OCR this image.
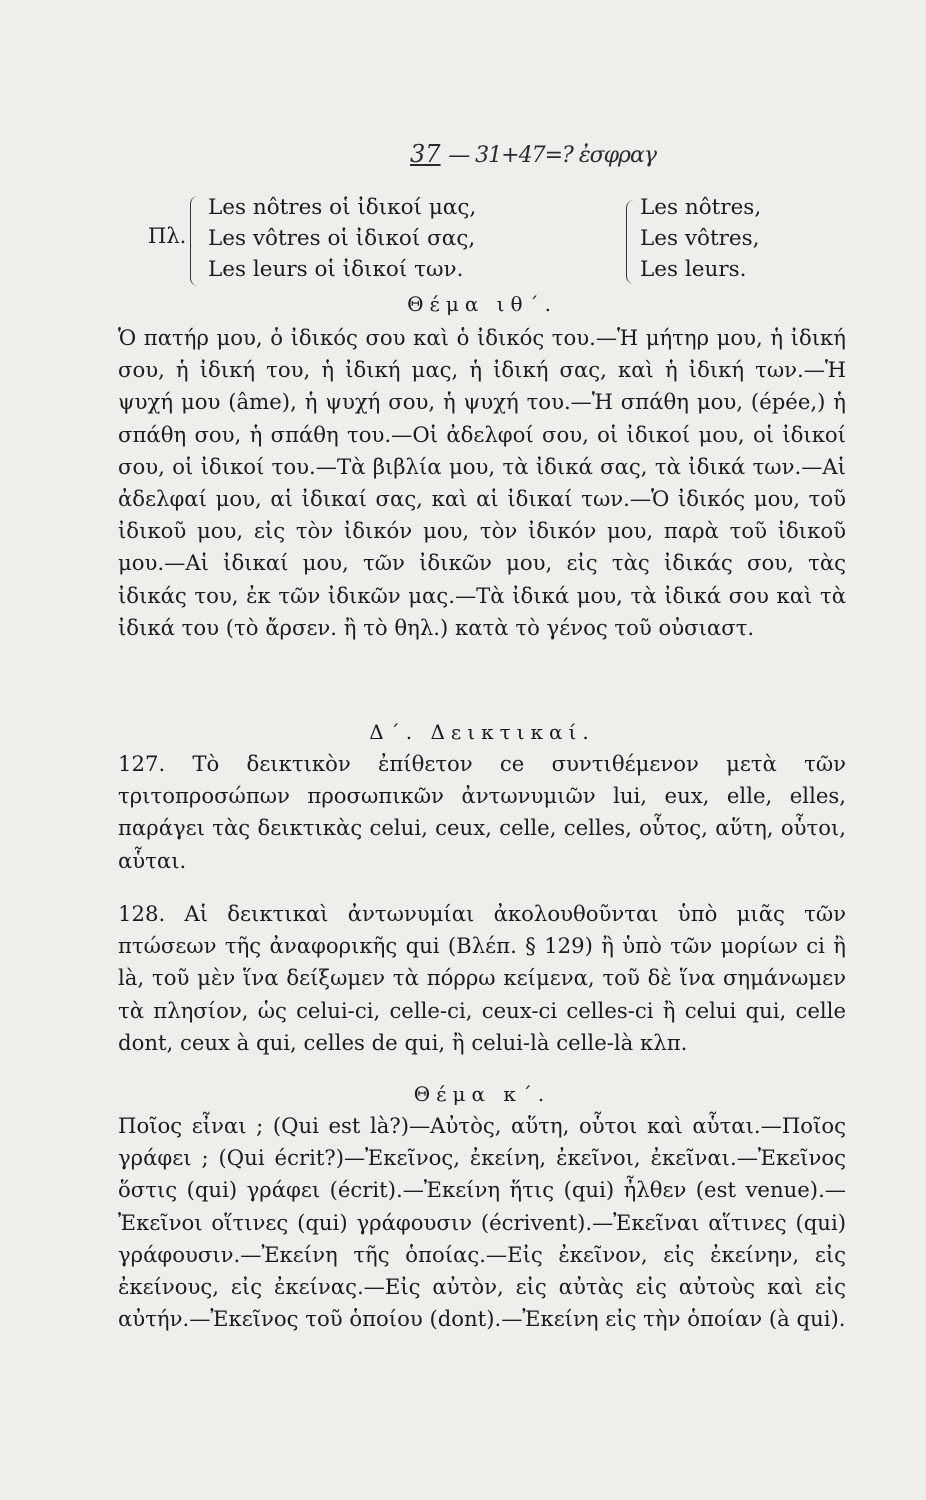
37 — 31+47=? ἐσφραγ
Πλ.
Les nôtres οἱ ἰδικοί μας,
Les vôtres οἱ ἰδικοί σας,
Les leurs οἱ ἰδικοί των.
Les nôtres,
Les vôtres,
Les leurs.
Θέμα ιθ΄.

Ὁ πατήρ μου, ὁ ἰδικός σου καὶ ὁ ἰδικός του.—Ἡ μήτηρ μου, ἡ ἰδική σου, ἡ ἰδική του, ἡ ἰδική μας, ἡ ἰδική σας, καὶ ἡ ἰδική των.—Ἡ ψυχή μου (âme), ἡ ψυχή σου, ἡ ψυχή του.—Ἡ σπάθη μου, (épée,) ἡ σπάθη σου, ἡ σπάθη του.—Οἱ ἀδελφοί σου, οἱ ἰδικοί μου, οἱ ἰδικοί σου, οἱ ἰδικοί του.—Τὰ βιβλία μου, τὰ ἰδικά σας, τὰ ἰδικά των.—Αἱ ἀδελφαί μου, αἱ ἰδικαί σας, καὶ αἱ ἰδικαί των.—Ὁ ἰδικός μου, τοῦ ἰδικοῦ μου, εἰς τὸν ἰδικόν μου, τὸν ἰδικόν μου, παρὰ τοῦ ἰδικοῦ μου.—Αἱ ἰδικαί μου, τῶν ἰδικῶν μου, εἰς τὰς ἰδικάς σου, τὰς ἰδικάς του, ἐκ τῶν ἰδικῶν μας.—Τὰ ἰδικά μου, τὰ ἰδικά σου καὶ τὰ ἰδικά του (τὸ ἄρσεν. ἢ τὸ θηλ.) κατὰ τὸ γένος τοῦ οὐσιαστ.

Δ΄. Δεικτικαί.

127. Τὸ δεικτικὸν ἐπίθετον ce συντιθέμενον μετὰ τῶν τριτοπροσώπων προσωπικῶν ἀντωνυμιῶν lui, eux, elle, elles, παράγει τὰς δεικτικὰς celui, ceux, celle, celles, οὗτος, αὕτη, οὗτοι, αὗται.

128. Αἱ δεικτικαὶ ἀντωνυμίαι ἀκολουθοῦνται ὑπὸ μιᾶς τῶν πτώσεων τῆς ἀναφορικῆς qui (Βλέπ. § 129) ἢ ὑπὸ τῶν μορίων ci ἢ là, τοῦ μὲν ἵνα δείξωμεν τὰ πόρρω κείμενα, τοῦ δὲ ἵνα σημάνωμεν τὰ πλησίον, ὡς celui-ci, celle-ci, ceux-ci celles-ci ἢ celui qui, celle dont, ceux à qui, celles de qui, ἢ celui-là celle-là κλπ.

Θέμα κ΄.

Ποῖος εἶναι ; (Qui est là?)—Αὐτὸς, αὕτη, οὗτοι καὶ αὗται.—Ποῖος γράφει ; (Qui écrit?)—Ἐκεῖνος, ἐκείνη, ἐκεῖνοι, ἐκεῖναι.—Ἐκεῖνος ὅστις (qui) γράφει (écrit).—Ἐκείνη ἥτις (qui) ἦλθεν (est venue).—Ἐκεῖνοι οἵτινες (qui) γράφουσιν (écrivent).—Ἐκεῖναι αἵτινες (qui) γράφουσιν.—Ἐκείνη τῆς ὁποίας.—Εἰς ἐκεῖνον, εἰς ἐκείνην, εἰς ἐκείνους, εἰς ἐκείνας.—Εἰς αὐτὸν, εἰς αὐτὰς εἰς αὐτοὺς καὶ εἰς αὐτήν.—Ἐκεῖνος τοῦ ὁποίου (dont).—Ἐκείνη εἰς τὴν ὁποίαν (à qui).
